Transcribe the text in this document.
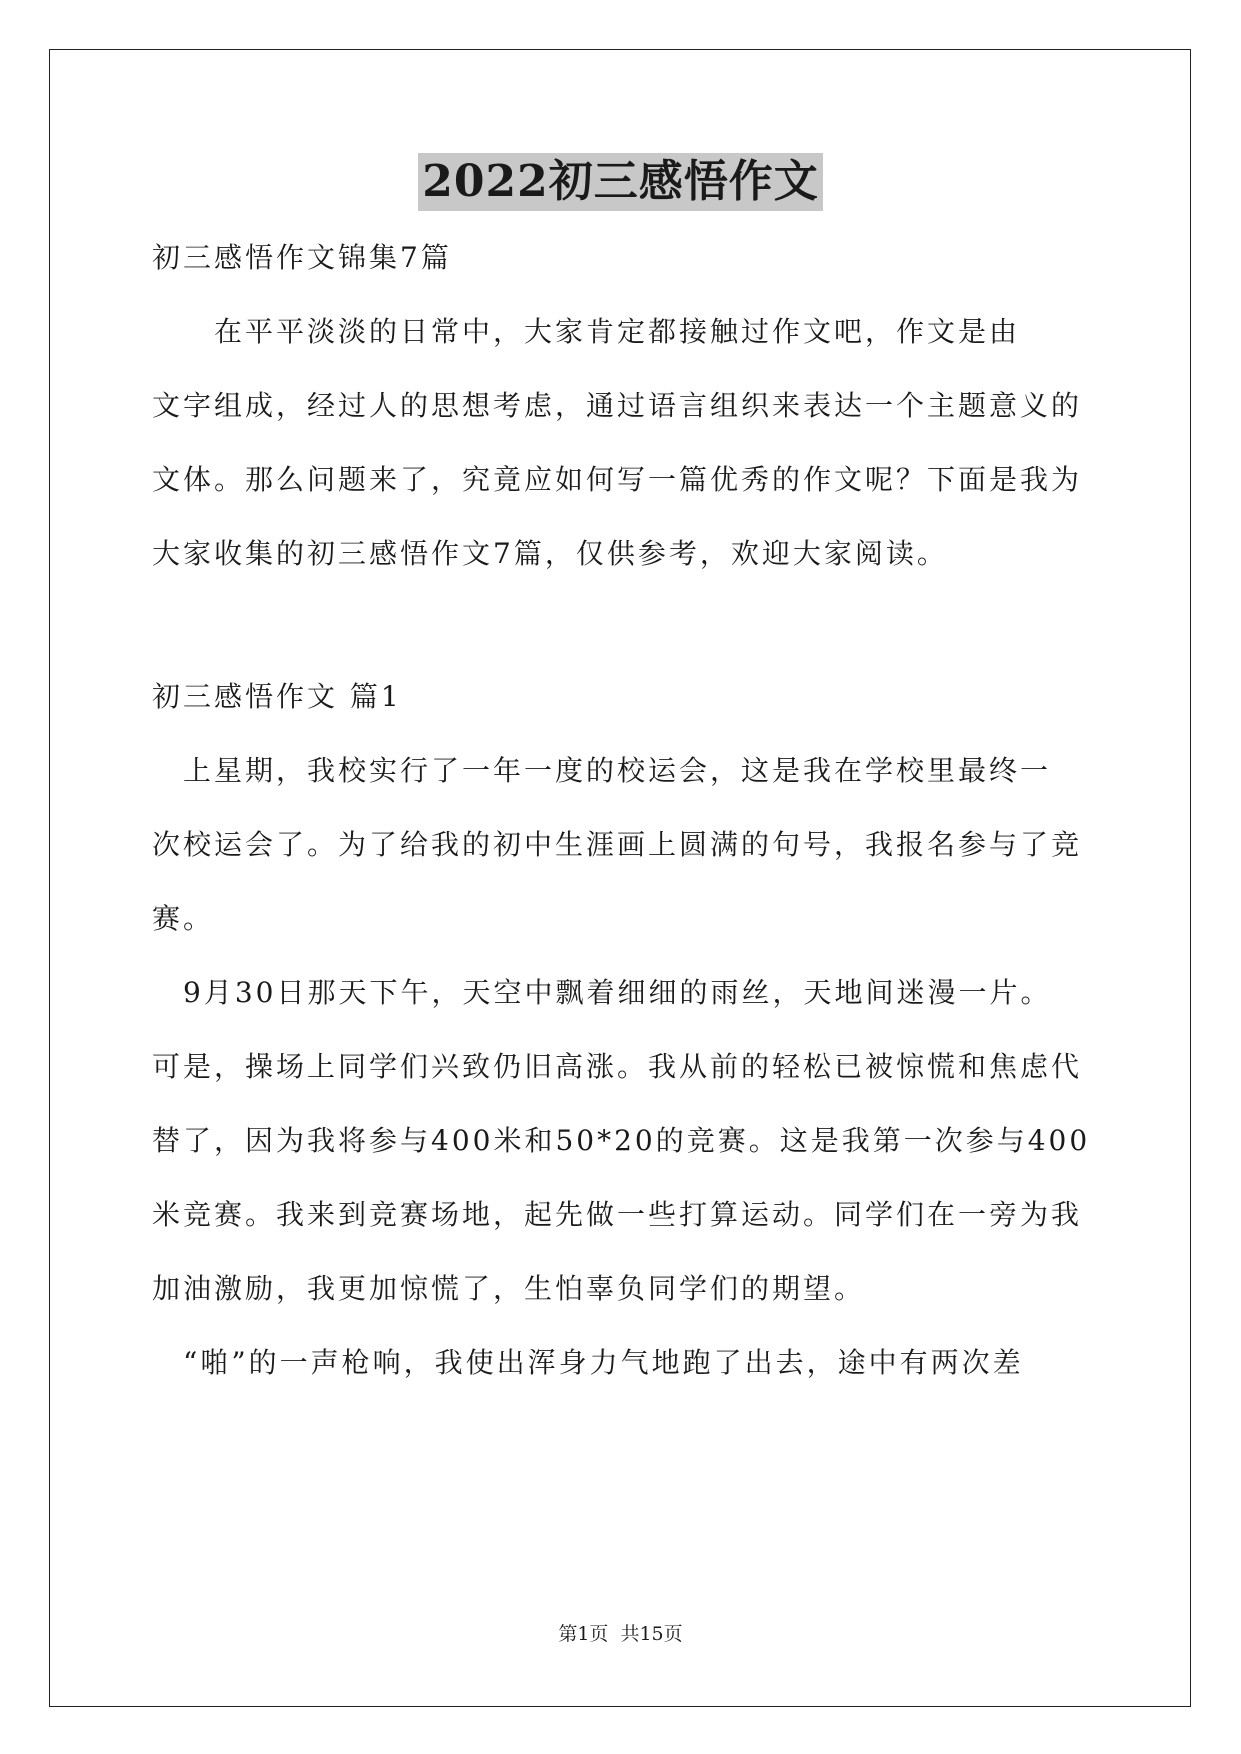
2022初三感悟作文
初三感悟作文锦集7篇
　　在平平淡淡的日常中，大家肯定都接触过作文吧，作文是由
文字组成，经过人的思想考虑，通过语言组织来表达一个主题意义的
文体。那么问题来了，究竟应如何写一篇优秀的作文呢？下面是我为
大家收集的初三感悟作文7篇，仅供参考，欢迎大家阅读。
初三感悟作文 篇1
　上星期，我校实行了一年一度的校运会，这是我在学校里最终一
次校运会了。为了给我的初中生涯画上圆满的句号，我报名参与了竞
赛。
　9月30日那天下午，天空中飘着细细的雨丝，天地间迷漫一片。
可是，操场上同学们兴致仍旧高涨。我从前的轻松已被惊慌和焦虑代
替了，因为我将参与400米和50*20的竞赛。这是我第一次参与400
米竞赛。我来到竞赛场地，起先做一些打算运动。同学们在一旁为我
加油激励，我更加惊慌了，生怕辜负同学们的期望。
　“啪”的一声枪响，我使出浑身力气地跑了出去，途中有两次差
第1页 共15页
